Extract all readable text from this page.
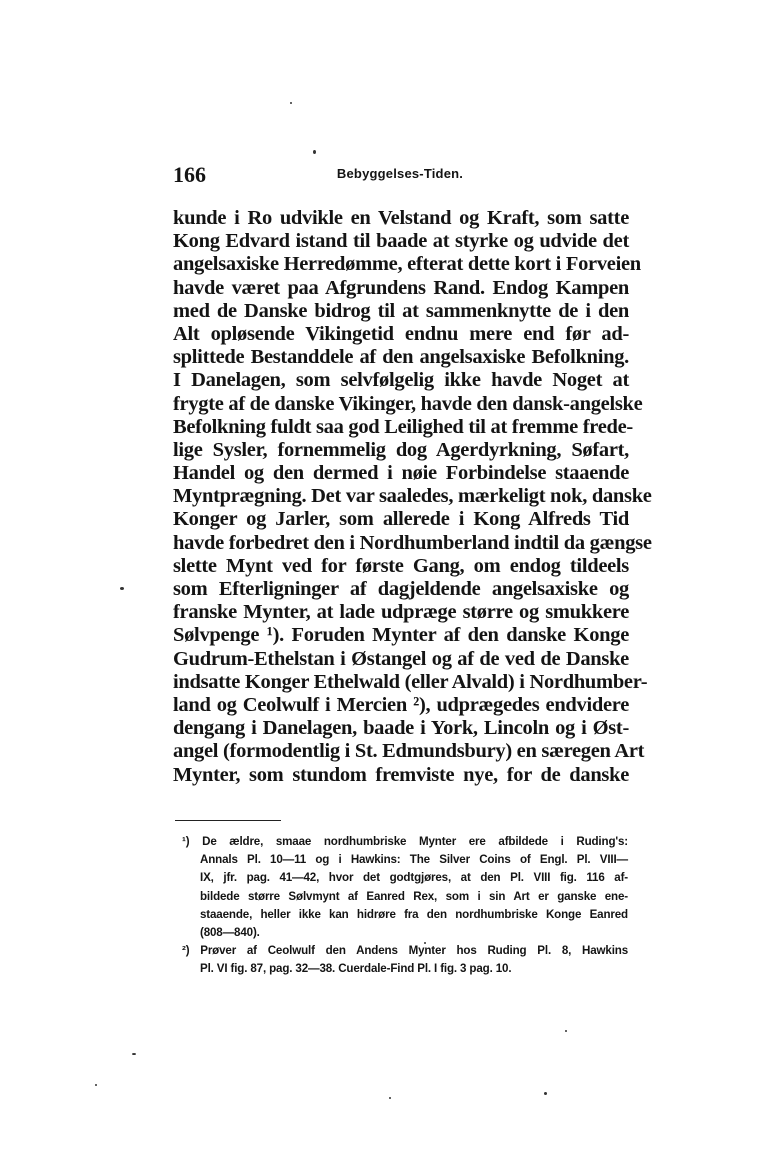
166	Bebyggelses-Tiden.
kunde i Ro udvikle en Velstand og Kraft, som satte
Kong Edvard istand til baade at styrke og udvide det
angelsaxiske Herredømme, efterat dette kort i Forveien
havde været paa Afgrundens Rand. Endog Kampen
med de Danske bidrog til at sammenknytte de i den
Alt opløsende Vikingetid endnu mere end før ad-
splittede Bestanddele af den angelsaxiske Befolkning.
I Danelagen, som selvfølgelig ikke havde Noget at
frygte af de danske Vikinger, havde den dansk-angelske
Befolkning fuldt saa god Leilighed til at fremme frede-
lige Sysler, fornemmelig dog Agerdyrkning, Søfart,
Handel og den dermed i nøie Forbindelse staaende
Myntprægning. Det var saaledes, mærkeligt nok, danske
Konger og Jarler, som allerede i Kong Alfreds Tid
havde forbedret den i Nordhumberland indtil da gængse
slette Mynt ved for første Gang, om endog tildeels
som Efterligninger af dagjeldende angelsaxiske og
franske Mynter, at lade udpræge større og smukkere
Sølvpenge ¹). Foruden Mynter af den danske Konge
Gudrum-Ethelstan i Østangel og af de ved de Danske
indsatte Konger Ethelwald (eller Alvald) i Nordhumber-
land og Ceolwulf i Mercien ²), udprægedes endvidere
dengang i Danelagen, baade i York, Lincoln og i Øst-
angel (formodentlig i St. Edmundsbury) en særegen Art
Mynter, som stundom fremviste nye, for de danske
¹) De ældre, smaae nordhumbriske Mynter ere afbildede i Ruding's:
Annals Pl. 10—11 og i Hawkins: The Silver Coins of Engl. Pl. VIII—
IX, jfr. pag. 41—42, hvor det godtgjøres, at den Pl. VIII fig. 116 af-
bildede større Sølvmynt af Eanred Rex, som i sin Art er ganske ene-
staaende, heller ikke kan hidrøre fra den nordhumbriske Konge Eanred
(808—840).
²) Prøver af Ceolwulf den Andens Mynter hos Ruding Pl. 8, Hawkins
Pl. VI fig. 87, pag. 32—38. Cuerdale-Find Pl. I fig. 3 pag. 10.
